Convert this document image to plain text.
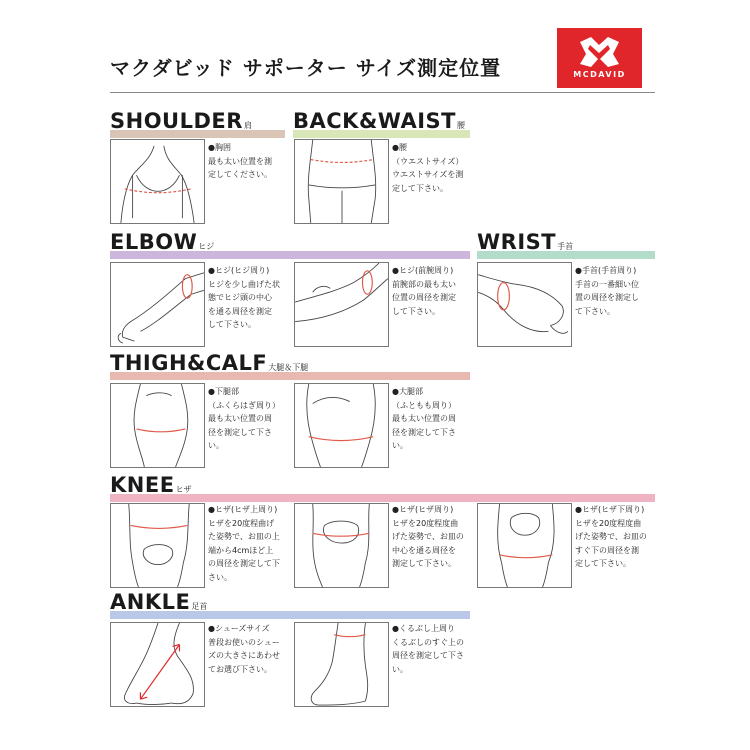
マクダビッド サポーター サイズ測定位置	MCDAVID
SHOULDER肩
●胸囲
最も太い位置を測
定してください。
BACK&WAIST腰
●腰
（ウエストサイズ）
ウエストサイズを測
定して下さい。
ELBOWヒジ
●ヒジ(ヒジ周り)
ヒジを少し曲げた状
態でヒジ頭の中心
を通る周径を測定
して下さい。
●ヒジ(前腕周り)
前腕部の最も太い
位置の周径を測定
して下さい。
WRIST手首
●手首(手首周り)
手首の一番細い位
置の周径を測定し
て下さい。
THIGH&CALF大腿＆下腿
●下腿部
（ふくらはぎ周り）
最も太い位置の周
径を測定して下さ
い。
●大腿部
（ふともも周り）
最も太い位置の周
径を測定して下さ
い。
KNEEヒザ
●ヒザ(ヒザ上周り)
ヒザを20度程曲げ
た姿勢で、お皿の上
端から4cmほど上
の周径を測定して下
さい。
●ヒザ(ヒザ周り)
ヒザを20度程度曲
げた姿勢で、お皿の
中心を通る周径を
測定して下さい。
●ヒザ(ヒザ下周り)
ヒザを20度程度曲
げた姿勢で、お皿の
すぐ下の周径を測
定して下さい。
ANKLE足首
●シューズサイズ
普段お使いのシュー
ズの大きさにあわせ
てお選び下さい。
●くるぶし上周り
くるぶしのすぐ上の
周径を測定して下さ
い。
